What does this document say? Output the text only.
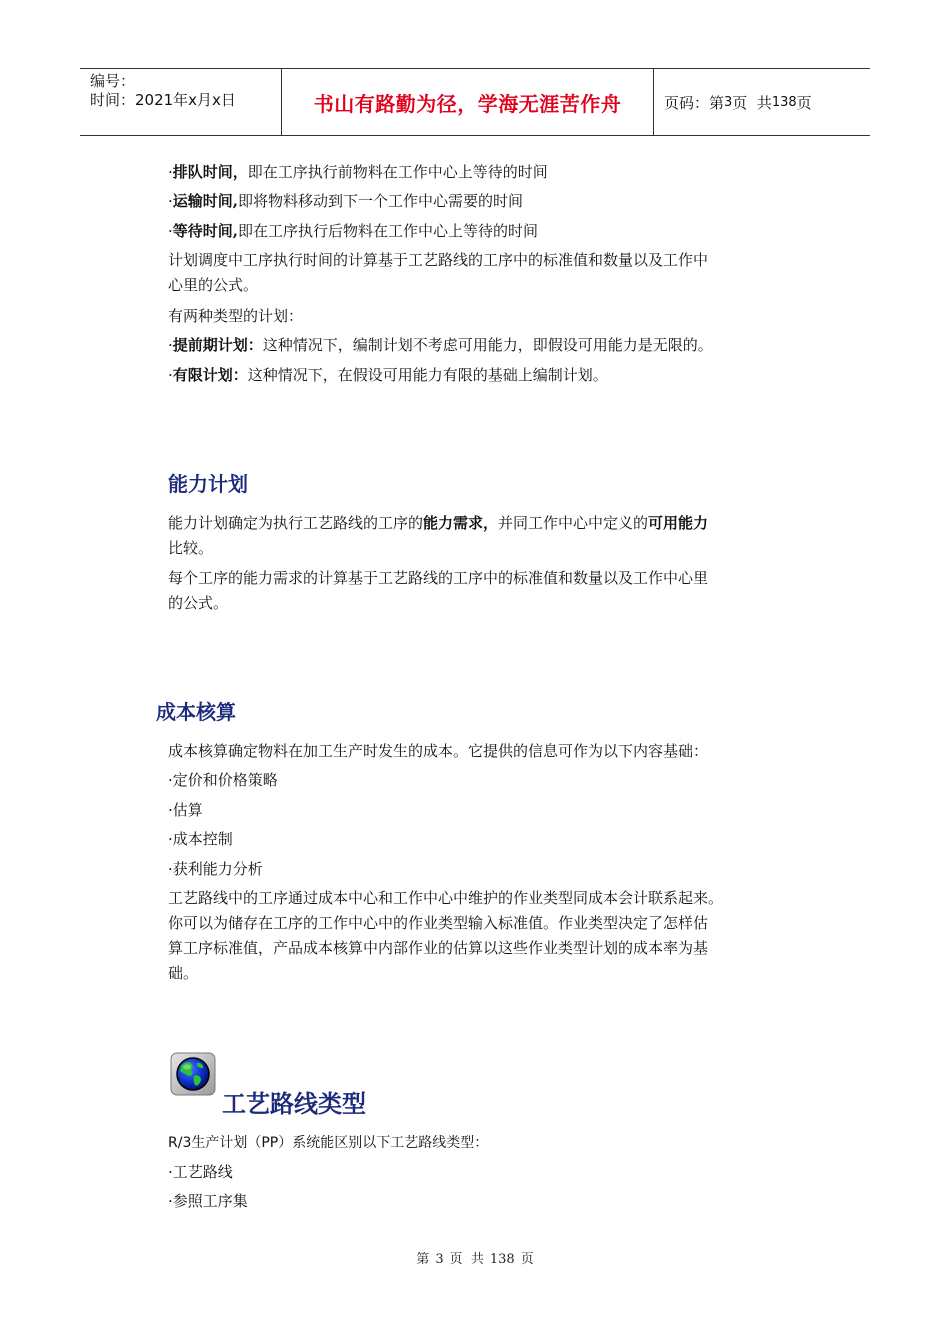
编号：
时间：2021年x月x日	书山有路勤为径，学海无涯苦作舟	页码：第 3 页  共 138 页

·排队时间，即在工序执行前物料在工作中心上等待的时间

·运输时间,即将物料移动到下一个工作中心需要的时间

·等待时间,即在工序执行后物料在工作中心上等待的时间

计划调度中工序执行时间的计算基于工艺路线的工序中的标准值和数量以及工作中

心里的公式。

有两种类型的计划：

·提前期计划：这种情况下，编制计划不考虑可用能力，即假设可用能力是无限的。

·有限计划：这种情况下，在假设可用能力有限的基础上编制计划。

能力计划

能力计划确定为执行工艺路线的工序的能力需求，并同工作中心中定义的可用能力

比较。

每个工序的能力需求的计算基于工艺路线的工序中的标准值和数量以及工作中心里

的公式。

成本核算

成本核算确定物料在加工生产时发生的成本。它提供的信息可作为以下内容基础：

·定价和价格策略

·估算

·成本控制

·获利能力分析

工艺路线中的工序通过成本中心和工作中心中维护的作业类型同成本会计联系起来。

你可以为储存在工序的工作中心中的作业类型输入标准值。作业类型决定了怎样估

算工序标准值，产品成本核算中内部作业的估算以这些作业类型计划的成本率为基

础。

工艺路线类型

R/3生产计划（PP）系统能区别以下工艺路线类型：

·工艺路线

·参照工序集

第 3 页  共 138 页
